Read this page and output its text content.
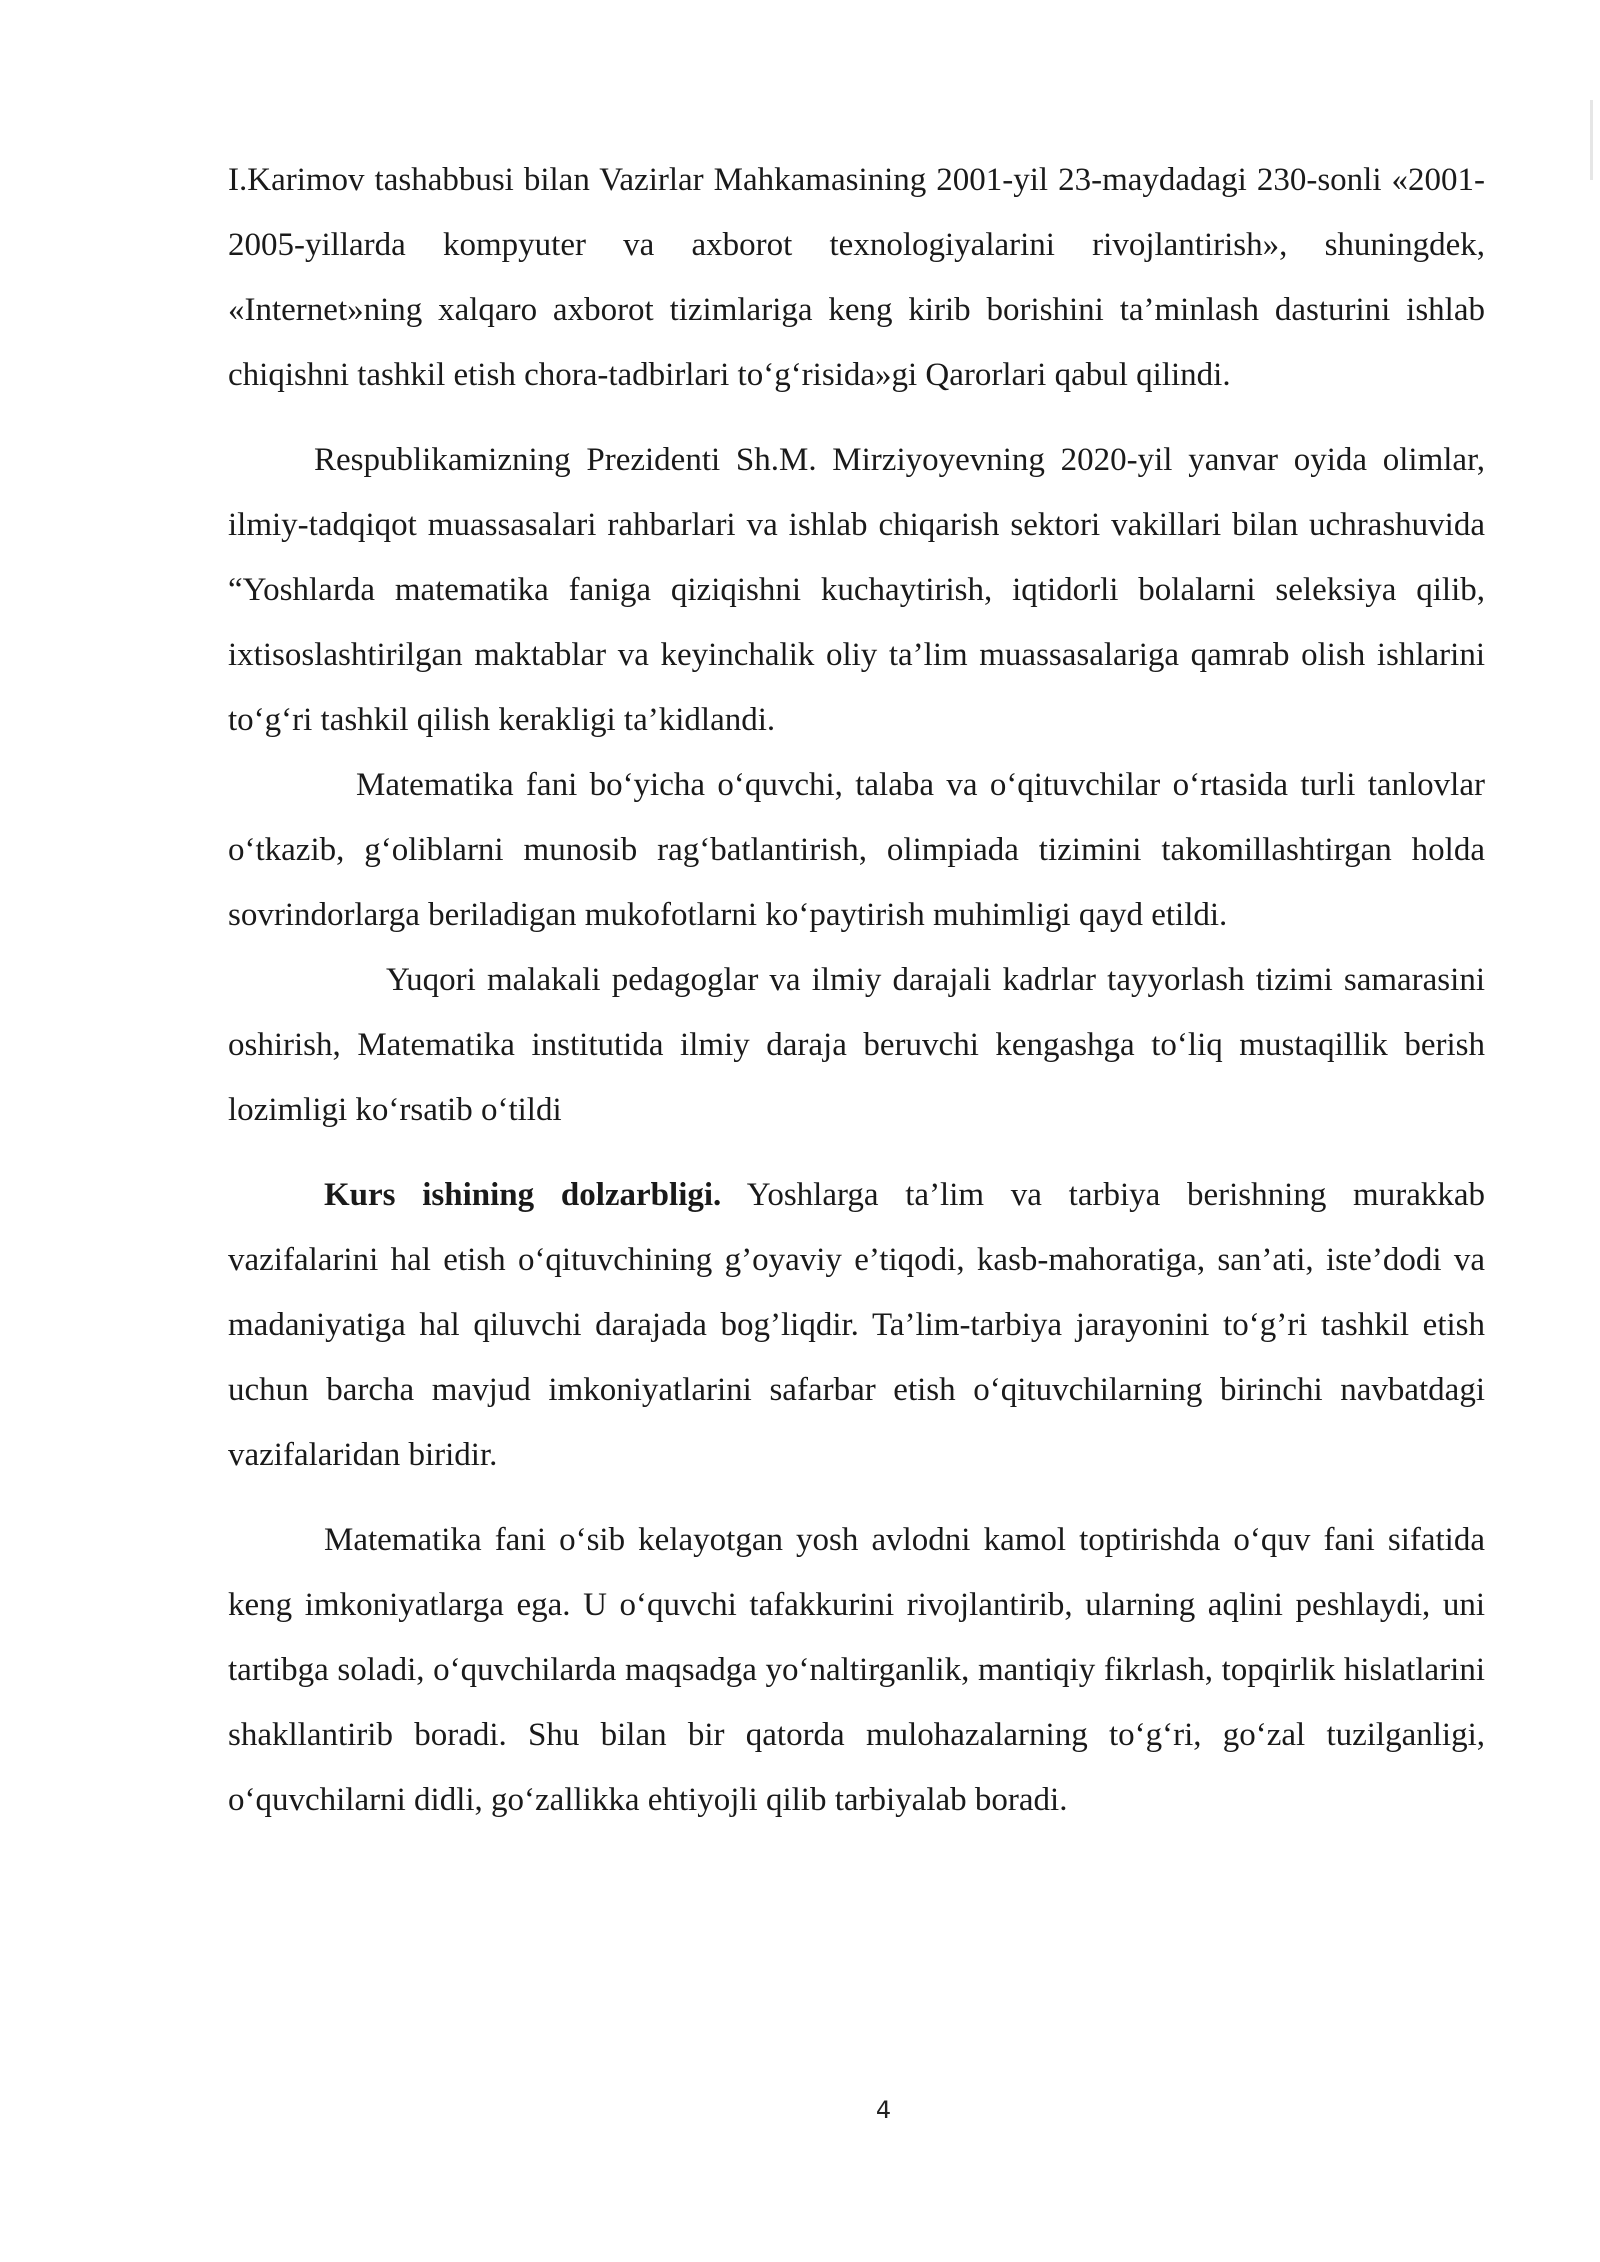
I.Karimov tashabbusi bilan Vazirlar Mahkamasining 2001-yil 23-maydadagi 230-sonli «2001-2005-yillarda kompyuter va axborot texnologiyalarini rivojlantirish», shuningdek, «Internet»ning xalqaro axborot tizimlariga keng kirib borishini ta’minlash dasturini ishlab chiqishni tashkil etish chora-tadbirlari to‘g‘risida»gi Qarorlari qabul qilindi.

Respublikamizning Prezidenti Sh.M. Mirziyoyevning 2020-yil yanvar oyida olimlar, ilmiy-tadqiqot muassasalari rahbarlari va ishlab chiqarish sektori vakillari bilan uchrashuvida “Yoshlarda matematika faniga qiziqishni kuchaytirish, iqtidorli bolalarni seleksiya qilib, ixtisoslashtirilgan maktablar va keyinchalik oliy ta’lim muassasalariga qamrab olish ishlarini to‘g‘ri tashkil qilish kerakligi ta’kidlandi.

Matematika fani bo‘yicha o‘quvchi, talaba va o‘qituvchilar o‘rtasida turli tanlovlar o‘tkazib, g‘oliblarni munosib rag‘batlantirish, olimpiada tizimini takomillashtirgan holda sovrindorlarga beriladigan mukofotlarni ko‘paytirish muhimligi qayd etildi.

Yuqori malakali pedagoglar va ilmiy darajali kadrlar tayyorlash tizimi samarasini oshirish, Matematika institutida ilmiy daraja beruvchi kengashga to‘liq mustaqillik berish lozimligi ko‘rsatib o‘tildi

Kurs ishining dolzarbligi. Yoshlarga ta’lim va tarbiya berishning murakkab vazifalarini hal etish o‘qituvchining g’oyaviy e’tiqodi, kasb-mahoratiga, san’ati, iste’dodi va madaniyatiga hal qiluvchi darajada bog’liqdir. Ta’lim-tarbiya jarayonini to‘g’ri tashkil etish uchun barcha mavjud imkoniyatlarini safarbar etish o‘qituvchilarning birinchi navbatdagi vazifalaridan biridir.

Matematika fani o‘sib kelayotgan yosh avlodni kamol toptirishda o‘quv fani sifatida keng imkoniyatlarga ega. U o‘quvchi tafakkurini rivojlantirib, ularning aqlini peshlaydi, uni tartibga soladi, o‘quvchilarda maqsadga yo‘naltirganlik, mantiqiy fikrlash, topqirlik hislatlarini shakllantirib boradi. Shu bilan bir qatorda mulohazalarning to‘g‘ri, go‘zal tuzilganligi, o‘quvchilarni didli, go‘zallikka ehtiyojli qilib tarbiyalab boradi.

4
